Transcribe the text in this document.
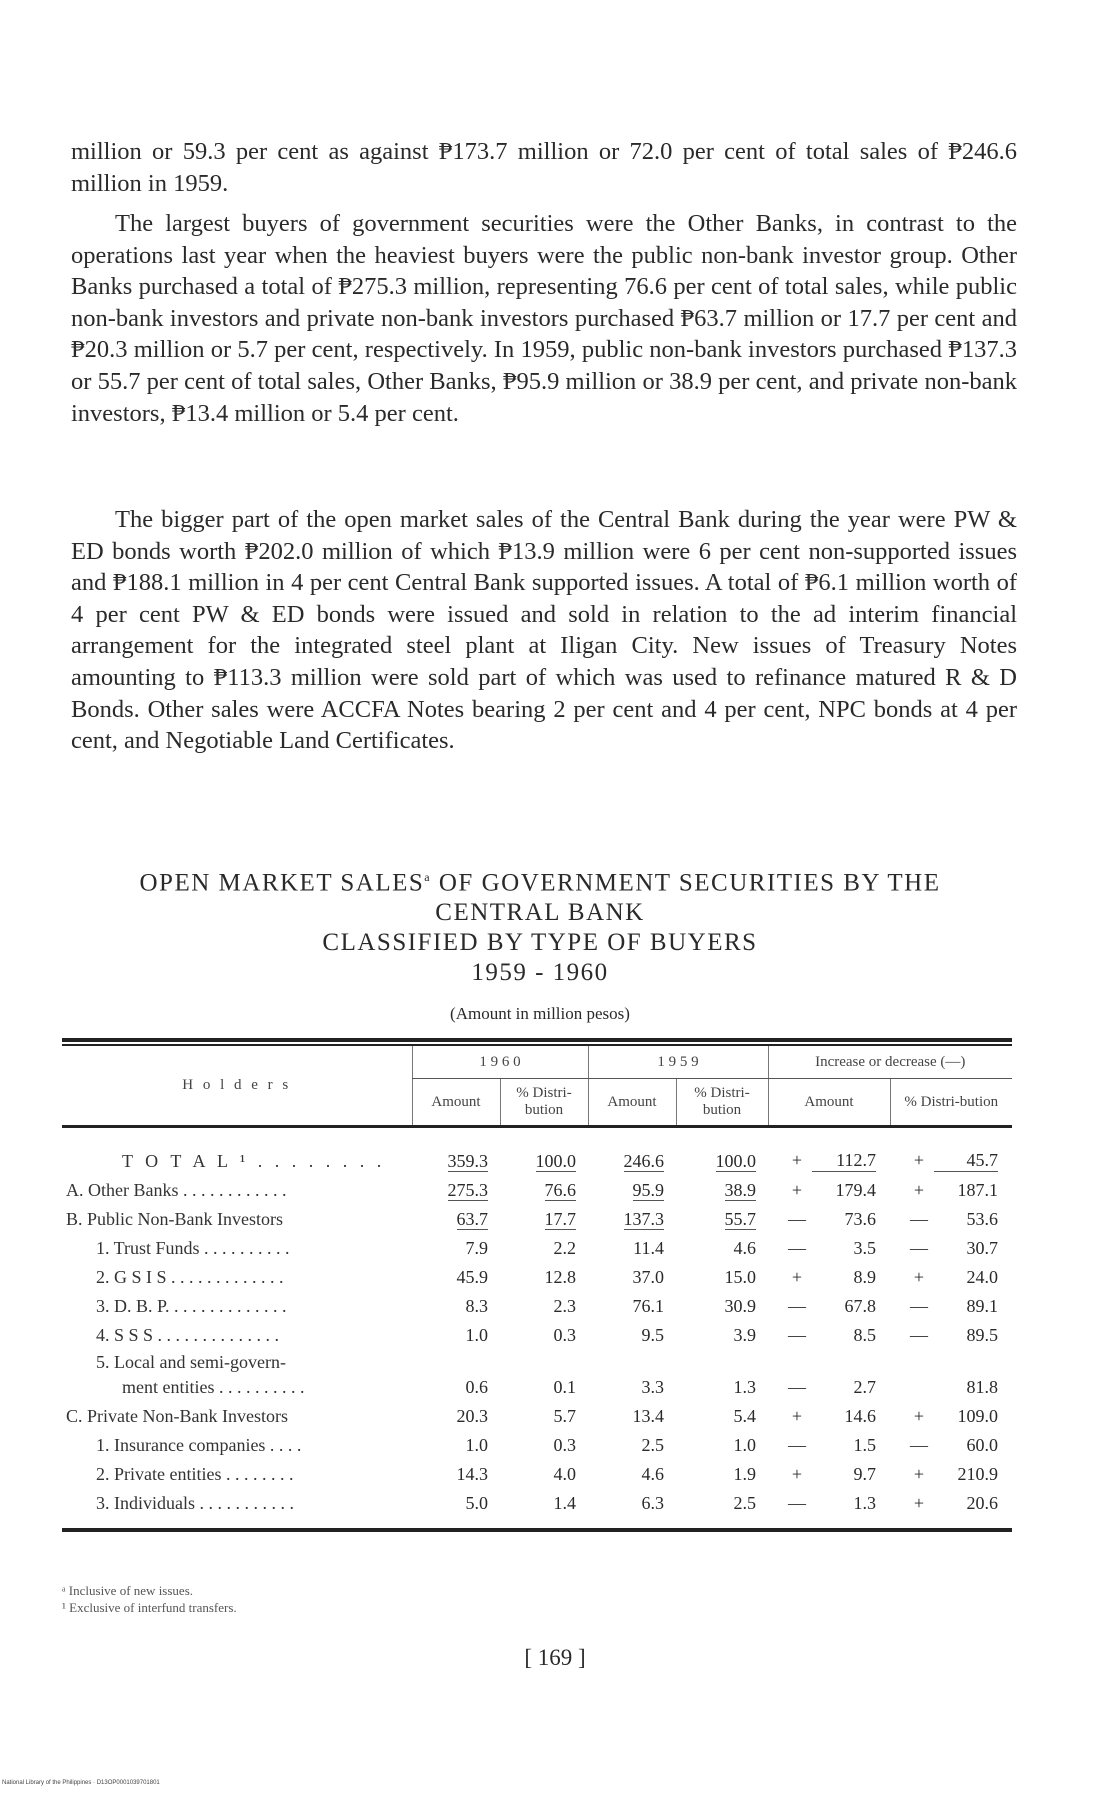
million or 59.3 per cent as against ₱173.7 million or 72.0 per cent of total sales of ₱246.6 million in 1959.

The largest buyers of government securities were the Other Banks, in contrast to the operations last year when the heaviest buyers were the public non-bank investor group. Other Banks purchased a total of ₱275.3 million, representing 76.6 per cent of total sales, while public non-bank investors and private non-bank investors purchased ₱63.7 million or 17.7 per cent and ₱20.3 million or 5.7 per cent, respectively. In 1959, public non-bank investors purchased ₱137.3 or 55.7 per cent of total sales, Other Banks, ₱95.9 million or 38.9 per cent, and private non-bank investors, ₱13.4 million or 5.4 per cent.

The bigger part of the open market sales of the Central Bank during the year were PW & ED bonds worth ₱202.0 million of which ₱13.9 million were 6 per cent non-supported issues and ₱188.1 million in 4 per cent Central Bank supported issues. A total of ₱6.1 million worth of 4 per cent PW & ED bonds were issued and sold in relation to the ad interim financial arrangement for the integrated steel plant at Iligan City. New issues of Treasury Notes amounting to ₱113.3 million were sold part of which was used to refinance matured R & D Bonds. Other sales were ACCFA Notes bearing 2 per cent and 4 per cent, NPC bonds at 4 per cent, and Negotiable Land Certificates.

OPEN MARKET SALES$^a$ OF GOVERNMENT SECURITIES BY THE
CENTRAL BANK
CLASSIFIED BY TYPE OF BUYERS
1959 - 1960
(Amount in million pesos)
H o l d e r s	1 9 6 0		1 9 5 9		Increase or decrease (—)	
	Amount	% Distri-bution	Amount	% Distri-bution	Amount	% Distri-bution

T O T A L ¹ . . . . . . . .	359.3	100.0	246.6	100.0	+ 112.7	+ 45.7

A. Other Banks . . . . . . . . . . . .	275.3	76.6	95.9	38.9	+ 179.4	+ 187.1

B. Public Non-Bank Investors	63.7	17.7	137.3	55.7	— 73.6	— 53.6

1. Trust Funds . . . . . . . . . .	7.9	2.2	11.4	4.6	— 3.5	— 30.7

2. G S I S . . . . . . . . . . . . .	45.9	12.8	37.0	15.0	+ 8.9	+ 24.0

3. D. B. P. . . . . . . . . . . . . .	8.3	2.3	76.1	30.9	— 67.8	— 89.1

4. S S S . . . . . . . . . . . . . .	1.0	0.3	9.5	3.9	— 8.5	— 89.5

5. Local and semi-govern-
ment entities . . . . . . . . . .	0.6	0.1	3.3	1.3	— 2.7	81.8

C. Private Non-Bank Investors	20.3	5.7	13.4	5.4	+ 14.6	+ 109.0

1. Insurance companies . . . .	1.0	0.3	2.5	1.0	— 1.5	— 60.0

2. Private entities . . . . . . . .	14.3	4.0	4.6	1.9	+ 9.7	+ 210.9

3. Individuals . . . . . . . . . . .	5.0	1.4	6.3	2.5	— 1.3	+ 20.6
ᵃ Inclusive of new issues.
¹ Exclusive of interfund transfers.
[ 169 ]
National Library of the Philippines · D13OP0001039701801
